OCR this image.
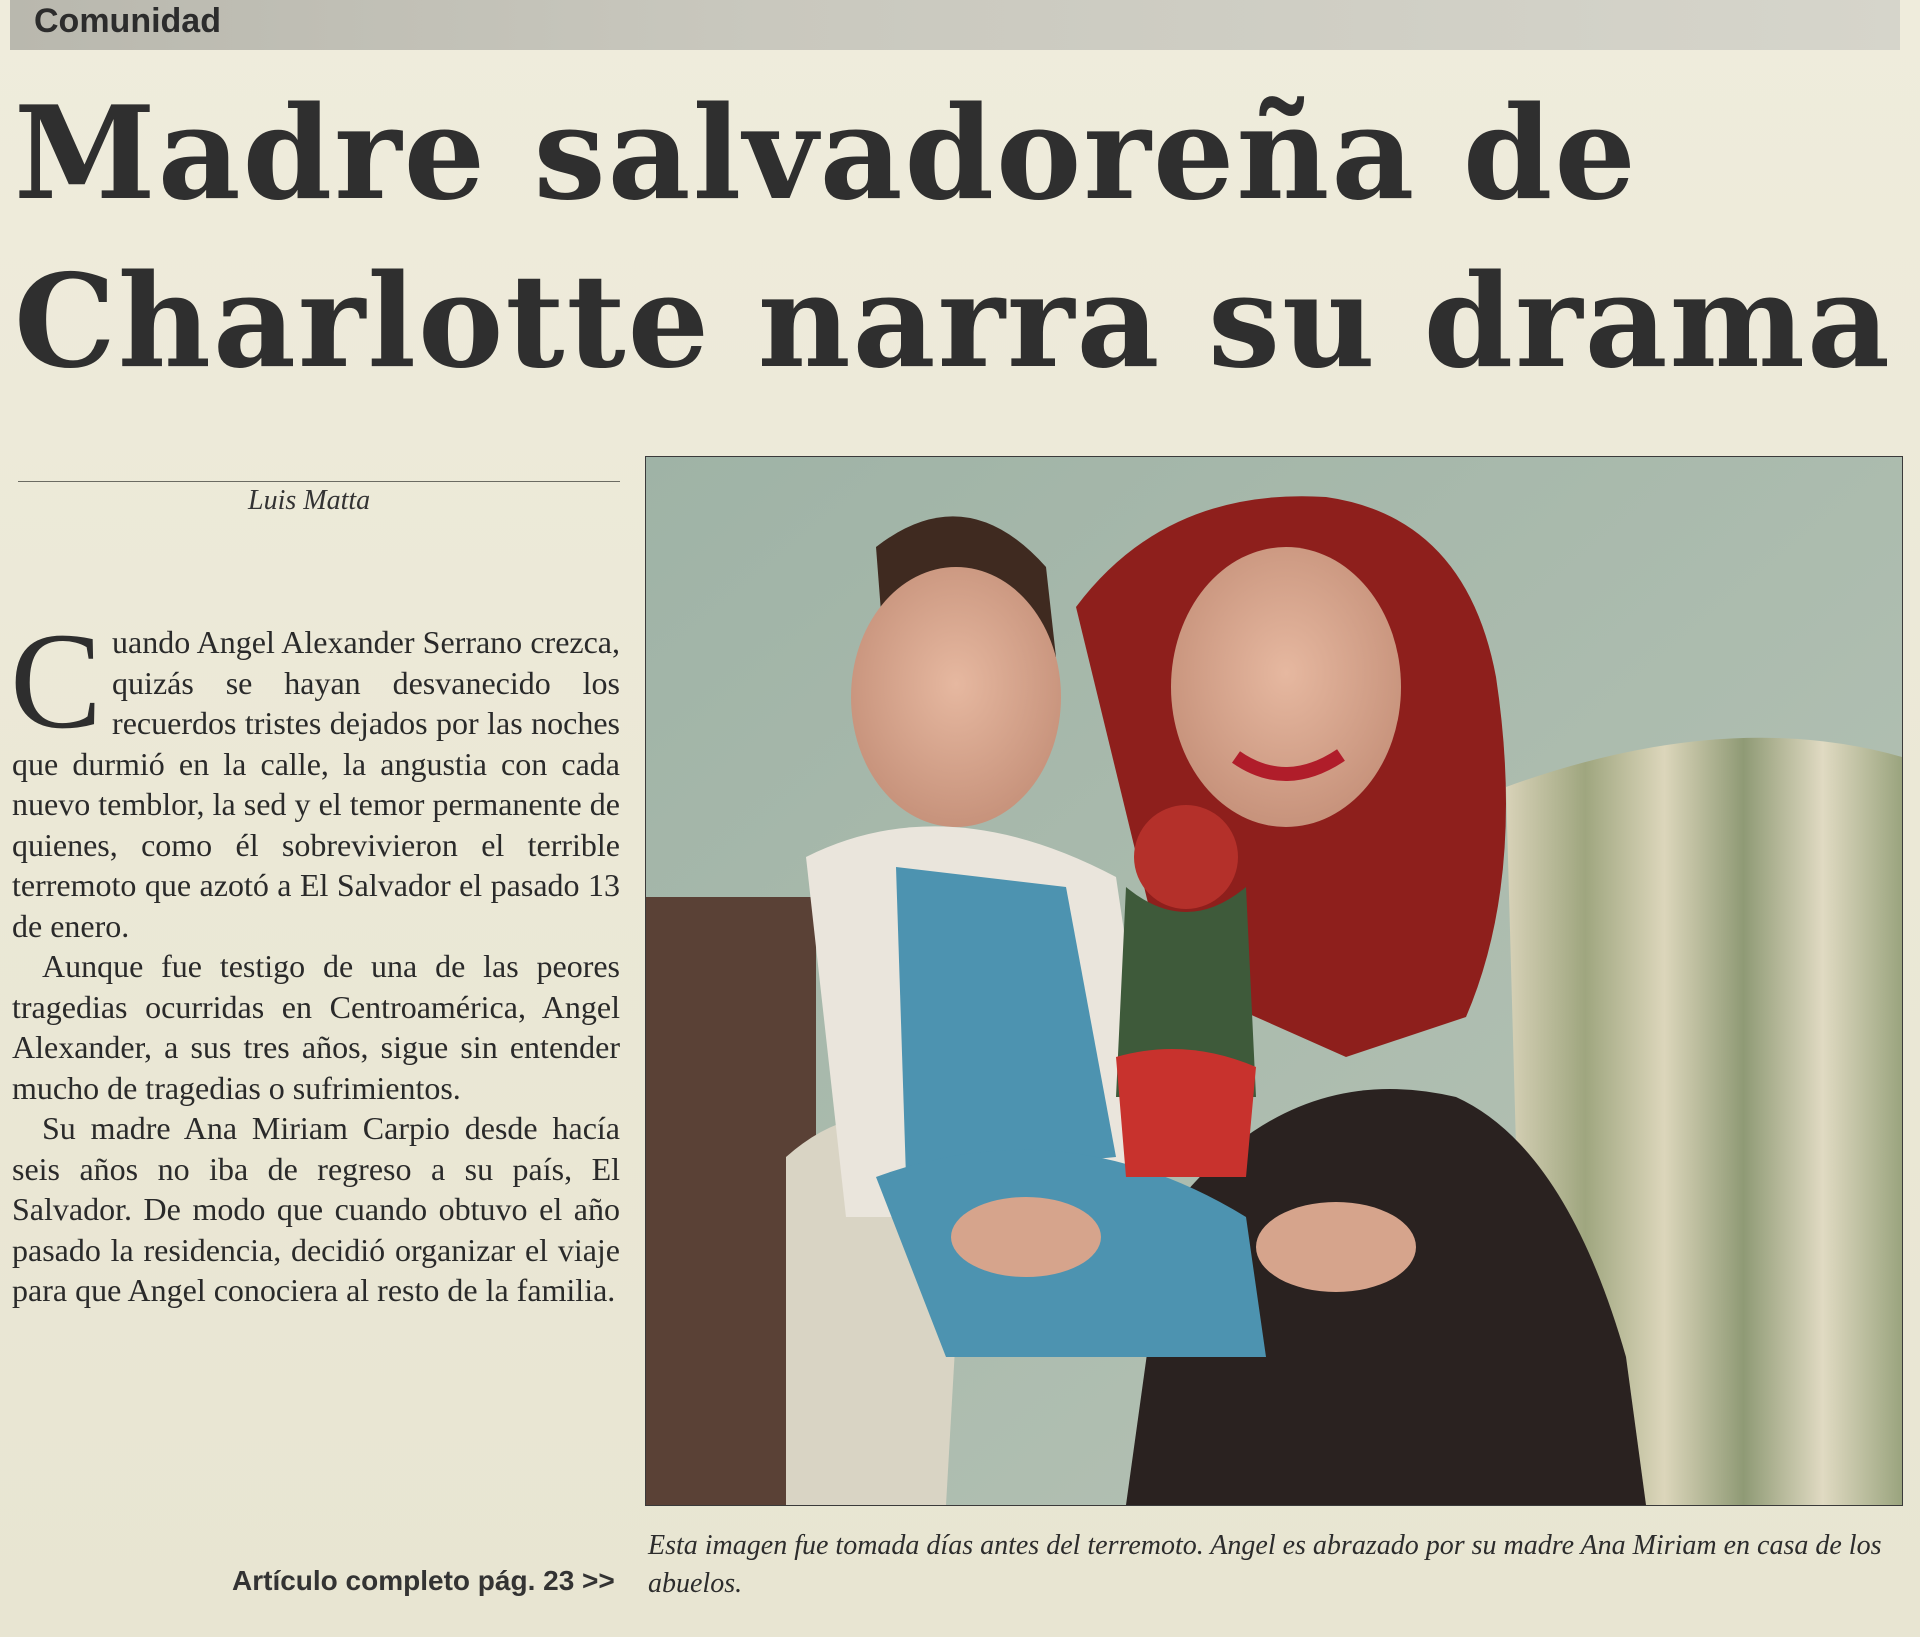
Comunidad
Madre salvadoreña de
Charlotte narra su drama
Luis Matta

Cuando Angel Alexander Serrano crezca, quizás se hayan desvanecido los recuerdos tristes dejados por las noches que durmió en la calle, la angustia con cada nuevo temblor, la sed y el temor permanente de quienes, como él sobrevivieron el terrible terremoto que azotó a El Salvador el pasado 13 de enero.

Aunque fue testigo de una de las peores tragedias ocurridas en Centroamérica, Angel Alexander, a sus tres años, sigue sin entender mucho de tragedias o sufrimientos.

Su madre Ana Miriam Carpio desde hacía seis años no iba de regreso a su país, El Salvador. De modo que cuando obtuvo el año pasado la residencia, decidió organizar el viaje para que Angel conociera al resto de la familia.

Artículo completo pág. 23 >>
Esta imagen fue tomada días antes del terremoto. Angel es abrazado por su madre Ana Miriam en casa de los abuelos.
